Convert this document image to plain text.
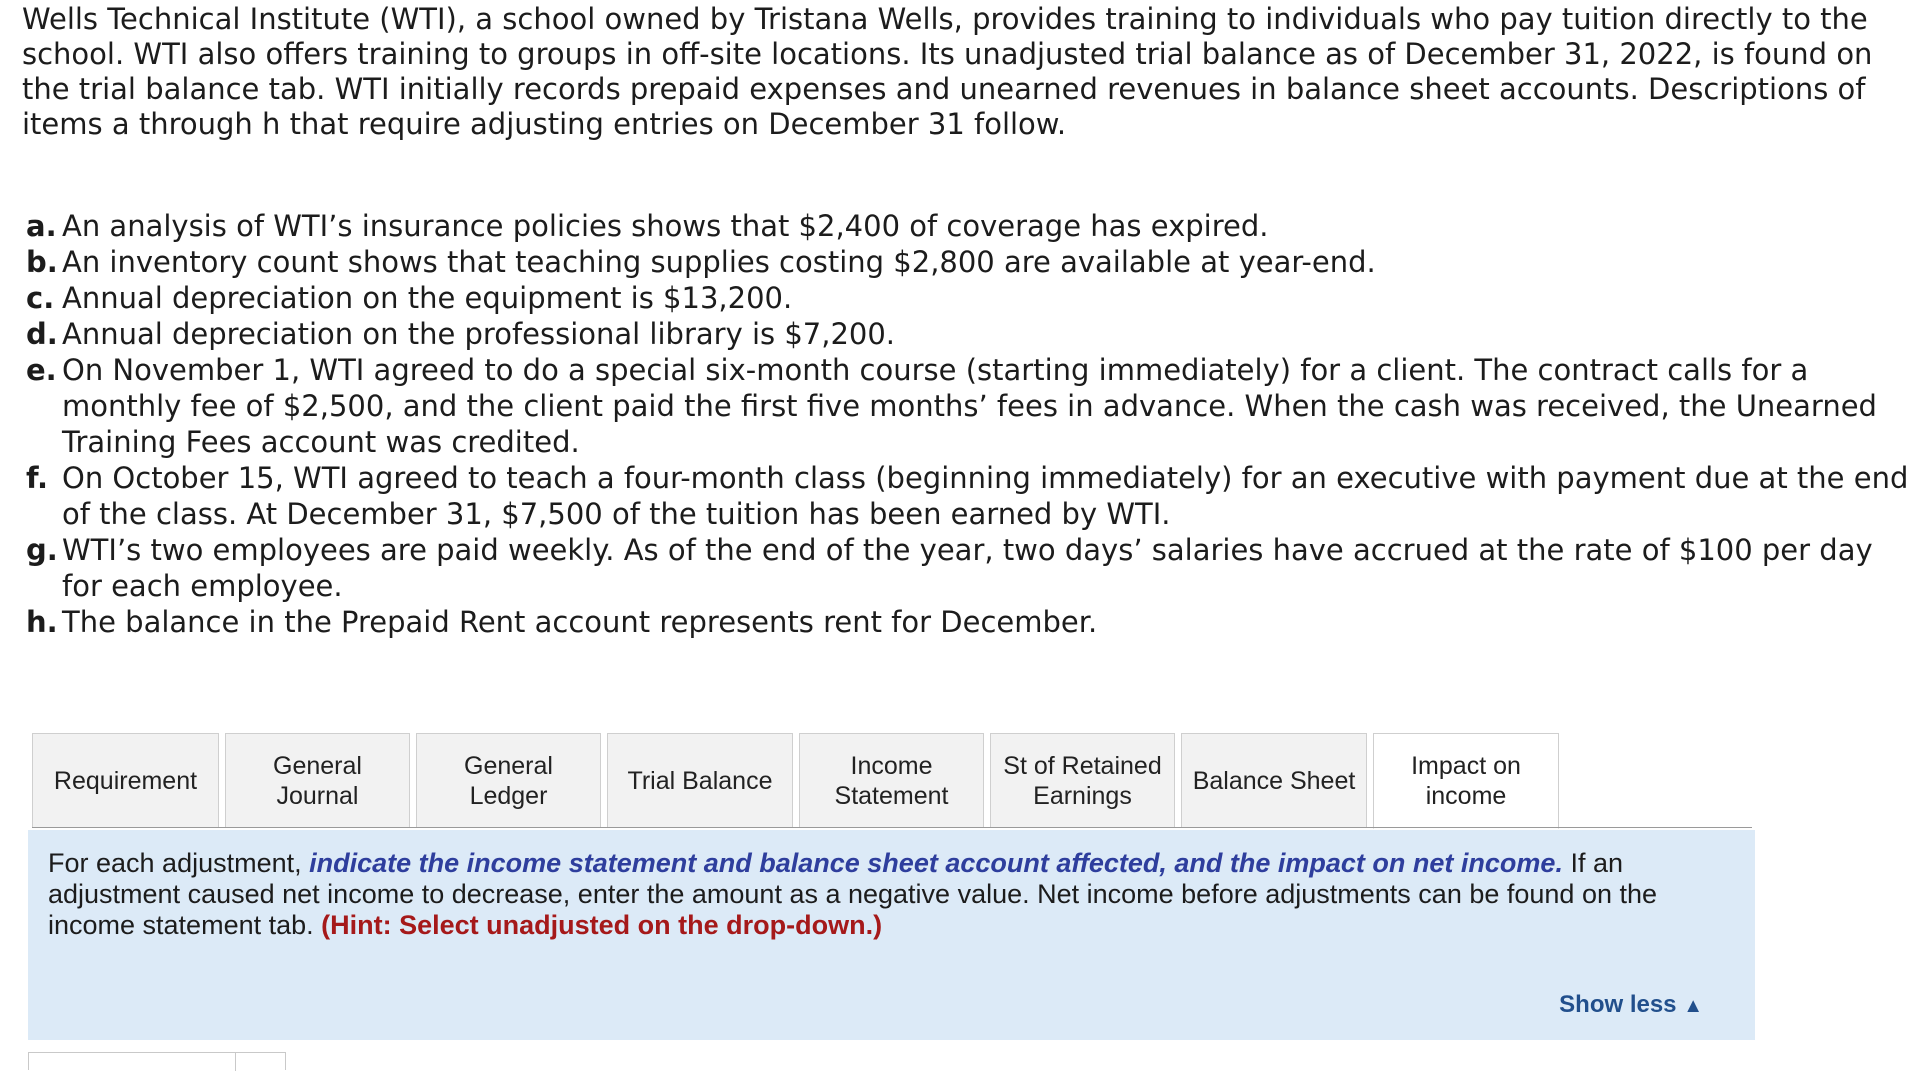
Wells Technical Institute (WTI), a school owned by Tristana Wells, provides training to individuals who pay tuition directly to the school. WTI also offers training to groups in off-site locations. Its unadjusted trial balance as of December 31, 2022, is found on the trial balance tab. WTI initially records prepaid expenses and unearned revenues in balance sheet accounts. Descriptions of items a through h that require adjusting entries on December 31 follow.
a. An analysis of WTI’s insurance policies shows that $2,400 of coverage has expired.
b. An inventory count shows that teaching supplies costing $2,800 are available at year-end.
c. Annual depreciation on the equipment is $13,200.
d. Annual depreciation on the professional library is $7,200.
e. On November 1, WTI agreed to do a special six-month course (starting immediately) for a client. The contract calls for a monthly fee of $2,500, and the client paid the first five months’ fees in advance. When the cash was received, the Unearned Training Fees account was credited.
f. On October 15, WTI agreed to teach a four-month class (beginning immediately) for an executive with payment due at the end of the class. At December 31, $7,500 of the tuition has been earned by WTI.
g. WTI’s two employees are paid weekly. As of the end of the year, two days’ salaries have accrued at the rate of $100 per day for each employee.
h. The balance in the Prepaid Rent account represents rent for December.
Requirement
General
Journal
General
Ledger
Trial Balance
Income
Statement
St of Retained
Earnings
Balance Sheet
Impact on
income
For each adjustment, indicate the income statement and balance sheet account affected, and the impact on net income. If an adjustment caused net income to decrease, enter the amount as a negative value. Net income before adjustments can be found on the income statement tab. (Hint: Select unadjusted on the drop-down.)
Show less ▲
